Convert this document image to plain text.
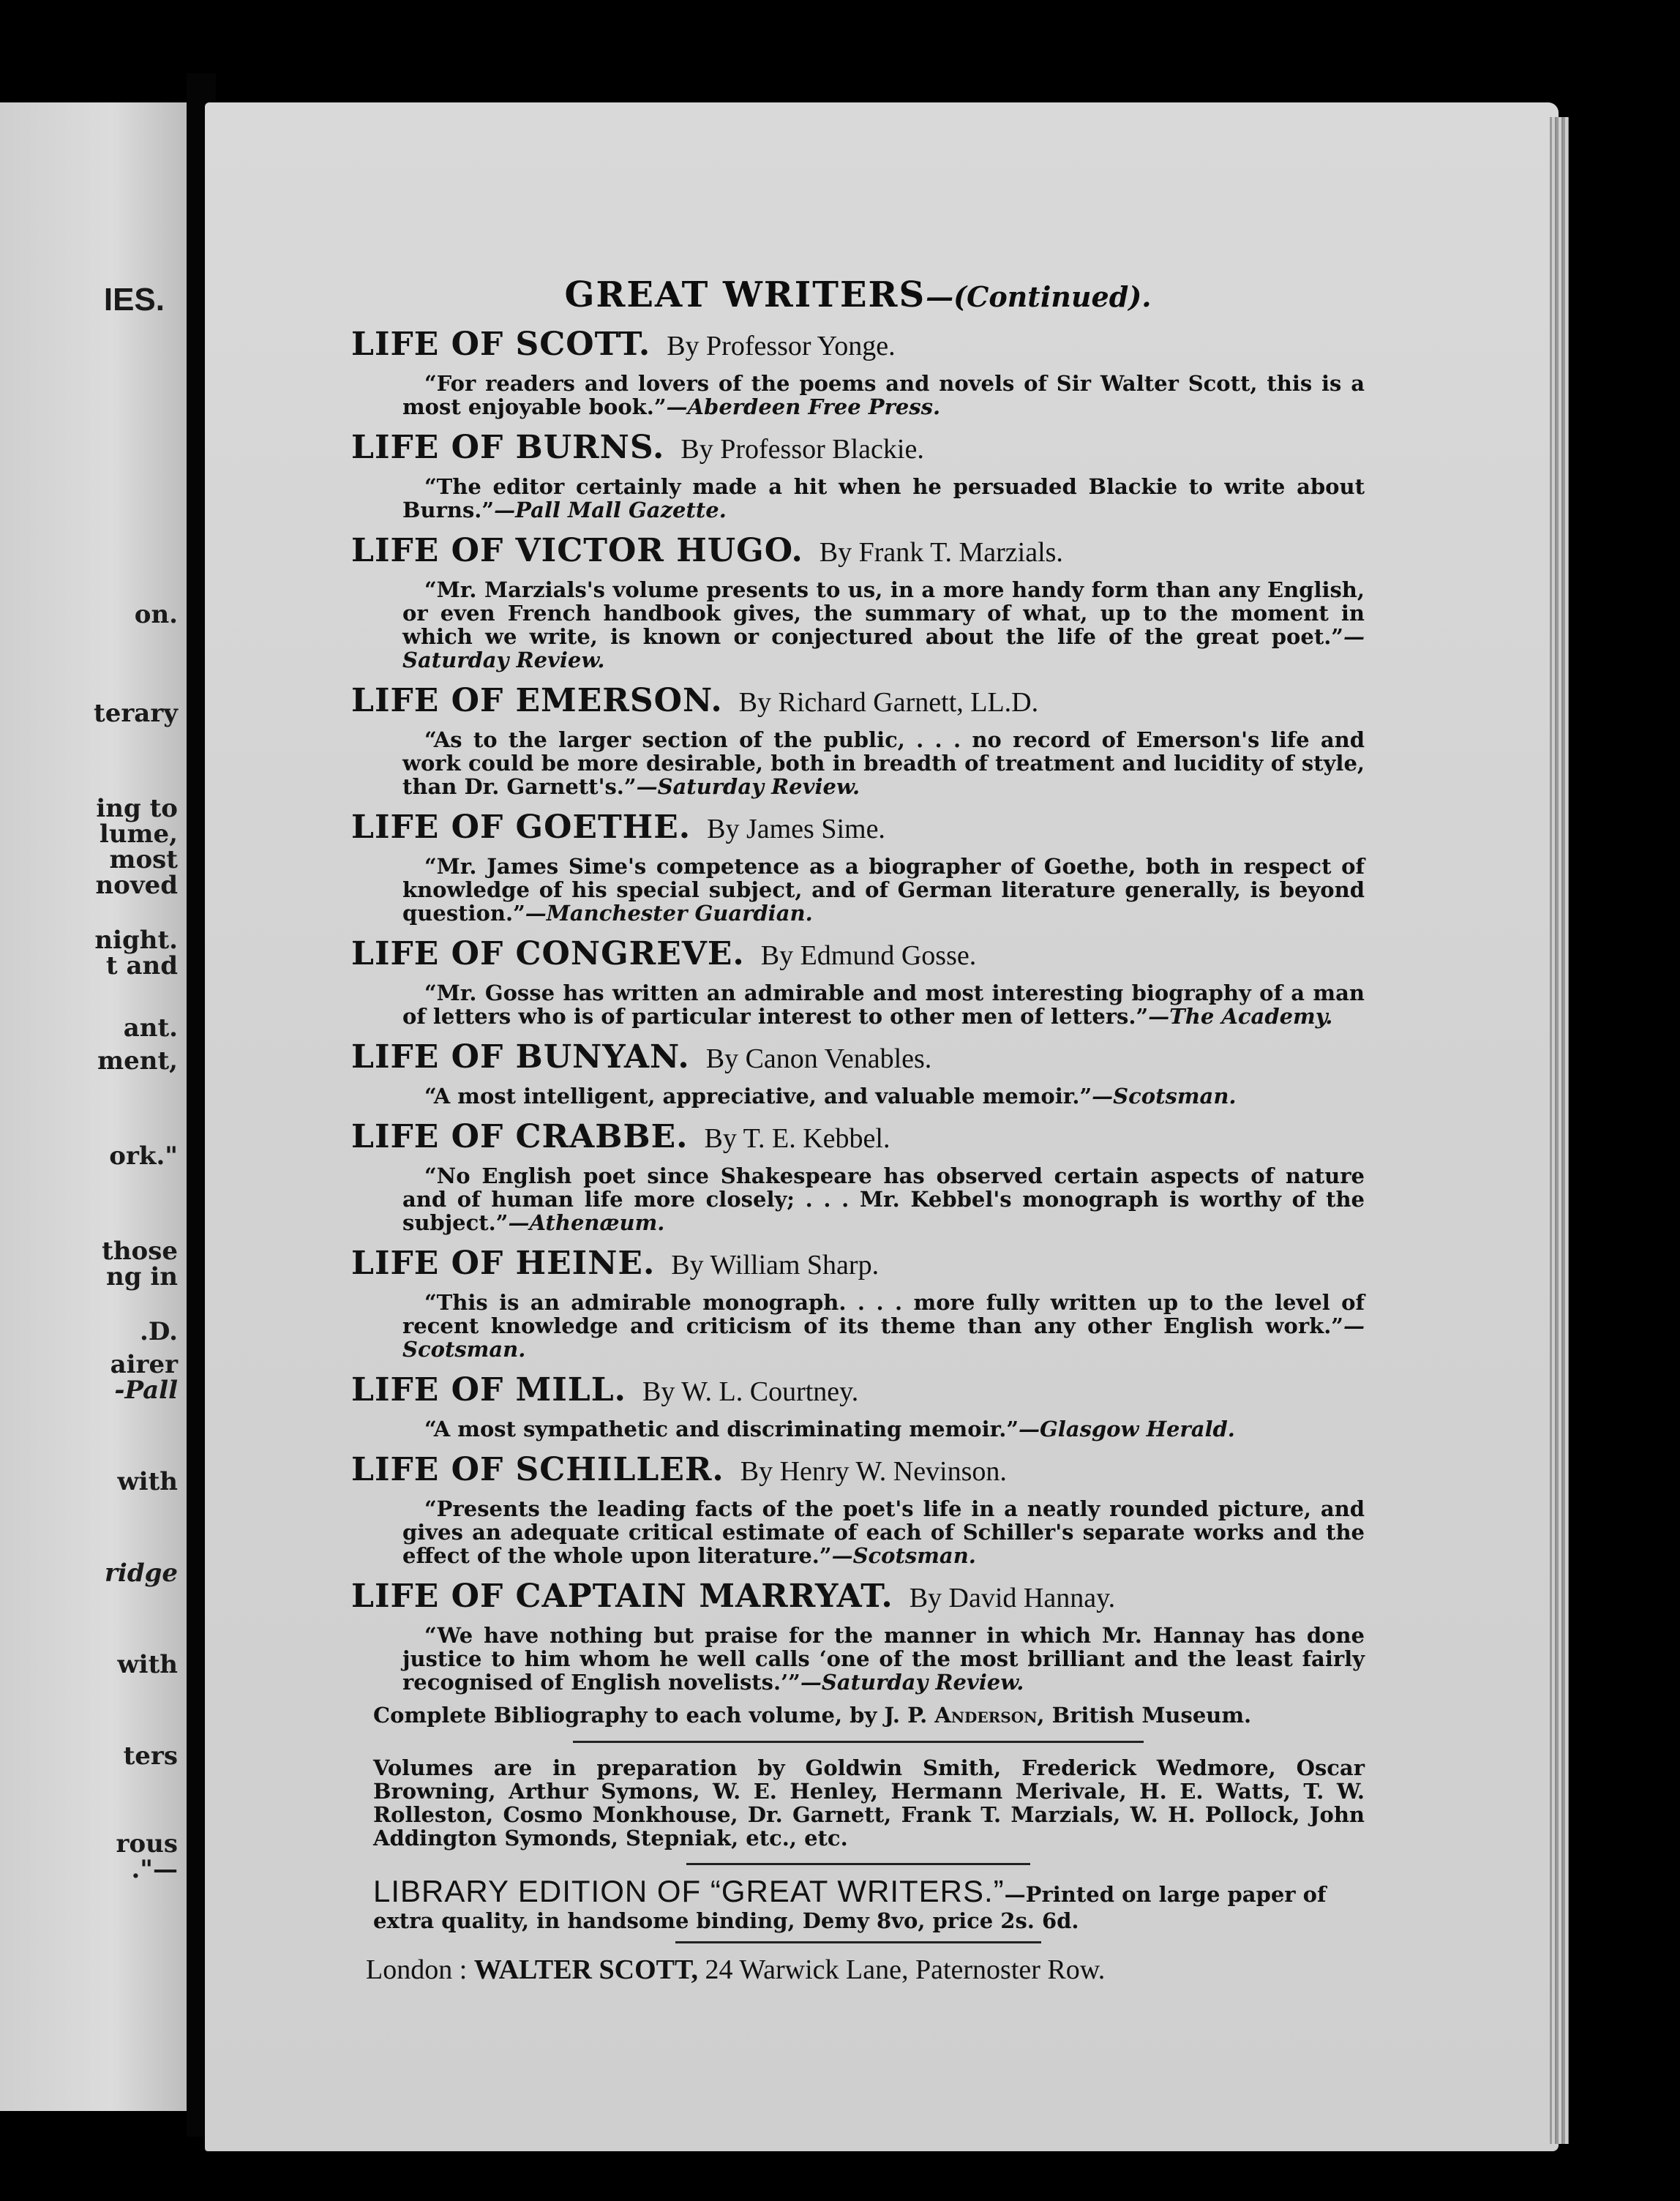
IES.
on.
terary
ing to
lume,
most
noved
night.
t and
ant.
ment,
ork."
those
ng in
.D.
airer
-Pall
with
ridge
with
ters
rous
."—
GREAT WRITERS—(Continued).
LIFE OF SCOTT. By Professor Yonge.
“For readers and lovers of the poems and novels of Sir Walter Scott, this is a most enjoyable book.”—Aberdeen Free Press.
LIFE OF BURNS. By Professor Blackie.
“The editor certainly made a hit when he persuaded Blackie to write about Burns.”—Pall Mall Gazette.
LIFE OF VICTOR HUGO. By Frank T. Marzials.
“Mr. Marzials's volume presents to us, in a more handy form than any English, or even French handbook gives, the summary of what, up to the moment in which we write, is known or conjectured about the life of the great poet.”—Saturday Review.
LIFE OF EMERSON. By Richard Garnett, LL.D.
“As to the larger section of the public, . . . no record of Emerson's life and work could be more desirable, both in breadth of treatment and lucidity of style, than Dr. Garnett's.”—Saturday Review.
LIFE OF GOETHE. By James Sime.
“Mr. James Sime's competence as a biographer of Goethe, both in respect of knowledge of his special subject, and of German literature generally, is beyond question.”—Manchester Guardian.
LIFE OF CONGREVE. By Edmund Gosse.
“Mr. Gosse has written an admirable and most interesting biography of a man of letters who is of particular interest to other men of letters.”—The Academy.
LIFE OF BUNYAN. By Canon Venables.
“A most intelligent, appreciative, and valuable memoir.”—Scotsman.
LIFE OF CRABBE. By T. E. Kebbel.
“No English poet since Shakespeare has observed certain aspects of nature and of human life more closely; . . . Mr. Kebbel's monograph is worthy of the subject.”—Athenæum.
LIFE OF HEINE. By William Sharp.
“This is an admirable monograph. . . . more fully written up to the level of recent knowledge and criticism of its theme than any other English work.”—Scotsman.
LIFE OF MILL. By W. L. Courtney.
“A most sympathetic and discriminating memoir.”—Glasgow Herald.
LIFE OF SCHILLER. By Henry W. Nevinson.
“Presents the leading facts of the poet's life in a neatly rounded picture, and gives an adequate critical estimate of each of Schiller's separate works and the effect of the whole upon literature.”—Scotsman.
LIFE OF CAPTAIN MARRYAT. By David Hannay.
“We have nothing but praise for the manner in which Mr. Hannay has done justice to him whom he well calls ‘one of the most brilliant and the least fairly recognised of English novelists.’”—Saturday Review.
Complete Bibliography to each volume, by J. P. Anderson, British Museum.
Volumes are in preparation by Goldwin Smith, Frederick Wedmore, Oscar Browning, Arthur Symons, W. E. Henley, Hermann Merivale, H. E. Watts, T. W. Rolleston, Cosmo Monkhouse, Dr. Garnett, Frank T. Marzials, W. H. Pollock, John Addington Symonds, Stepniak, etc., etc.
LIBRARY EDITION OF “GREAT WRITERS.”—Printed on large paper of extra quality, in handsome binding, Demy 8vo, price 2s. 6d.
London : WALTER SCOTT, 24 Warwick Lane, Paternoster Row.
